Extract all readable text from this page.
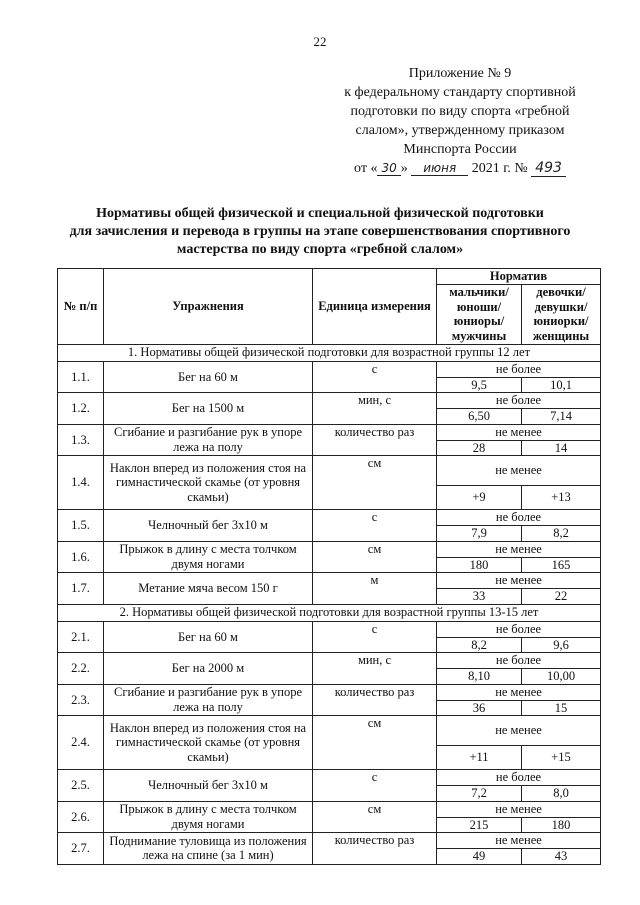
22
Приложение № 9
к федеральному стандарту спортивной
подготовки по виду спорта «гребной
слалом», утвержденному приказом
Минспорта России
от « 30 » июня 2021 г. № 493
Нормативы общей физической и специальной физической подготовки
для зачисления и перевода в группы на этапе совершенствования спортивного
мастерства по виду спорта «гребной слалом»
№ п/п	Упражнения	Единица измерения	Норматив	
			мальчики/ юноши/ юниоры/ мужчины	девочки/ девушки/ юниорки/ женщины
1. Нормативы общей физической подготовки для возрастной группы 12 лет				
1.1.	Бег на 60 м	с	не более	
			9,5	10,1
1.2.	Бег на 1500 м	мин, с	не более	
			6,50	7,14
1.3.	Сгибание и разгибание рук в упоре лежа на полу	количество раз	не менее	
			28	14
1.4.	Наклон вперед из положения стоя на гимнастической скамье (от уровня скамьи)	см	не менее	
			+9	+13
1.5.	Челночный бег 3x10 м	с	не более	
			7,9	8,2
1.6.	Прыжок в длину с места толчком двумя ногами	см	не менее	
			180	165
1.7.	Метание мяча весом 150 г	м	не менее	
			33	22
2. Нормативы общей физической подготовки для возрастной группы 13-15 лет				
2.1.	Бег на 60 м	с	не более	
			8,2	9,6
2.2.	Бег на 2000 м	мин, с	не более	
			8,10	10,00
2.3.	Сгибание и разгибание рук в упоре лежа на полу	количество раз	не менее	
			36	15
2.4.	Наклон вперед из положения стоя на гимнастической скамье (от уровня скамьи)	см	не менее	
			+11	+15
2.5.	Челночный бег 3x10 м	с	не более	
			7,2	8,0
2.6.	Прыжок в длину с места толчком двумя ногами	см	не менее	
			215	180
2.7.	Поднимание туловища из положения лежа на спине (за 1 мин)	количество раз	не менее	
			49	43
